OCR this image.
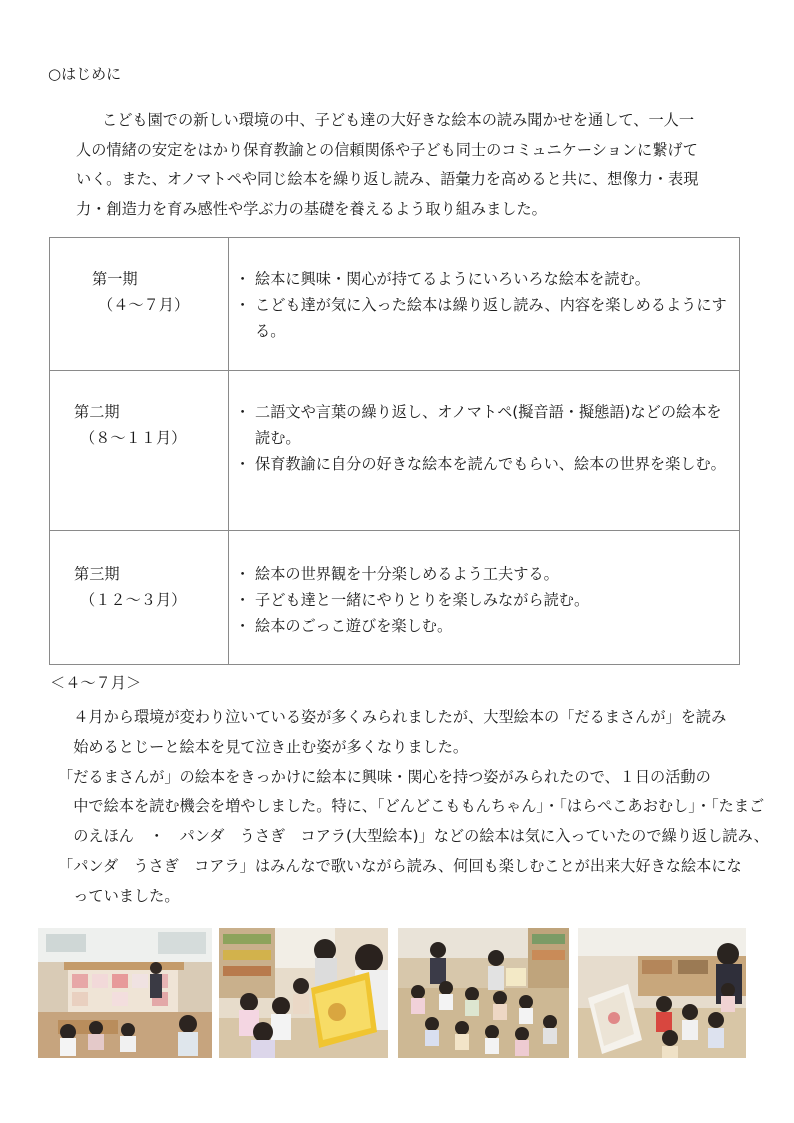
○はじめに
こども園での新しい環境の中、子ども達の大好きな絵本の読み聞かせを通して、一人一
人の情緒の安定をはかり保育教諭との信頼関係や子ども同士のコミュニケーションに繋げて
いく。また、オノマトペや同じ絵本を繰り返し読み、語彙力を高めると共に、想像力・表現
力・創造力を育み感性や学ぶ力の基礎を養えるよう取り組みました。
第一期
（４～７月）	・ 絵本に興味・関心が持てるようにいろいろな絵本を読む。
・ こども達が気に入った絵本は繰り返し読み、内容を楽しめるようにする。

第二期
（８～１１月）	・ 二語文や言葉の繰り返し、オノマトペ(擬音語・擬態語)などの絵本を読む。
・ 保育教諭に自分の好きな絵本を読んでもらい、絵本の世界を楽しむ。

第三期
（１２～３月）	・ 絵本の世界観を十分楽しめるよう工夫する。
・ 子ども達と一緒にやりとりを楽しみながら読む。
・ 絵本のごっこ遊びを楽しむ。
＜４～７月＞
　４月から環境が変わり泣いている姿が多くみられましたが、大型絵本の「だるまさんが」を読み
　始めるとじーと絵本を見て泣き止む姿が多くなりました。
「だるまさんが」の絵本をきっかけに絵本に興味・関心を持つ姿がみられたので、１日の活動の
　中で絵本を読む機会を増やしました。特に、「どんどこももんちゃん」・「はらぺこあおむし」・「たまご
　のえほん　・　パンダ　うさぎ　コアラ(大型絵本)」などの絵本は気に入っていたので繰り返し読み、
「パンダ　うさぎ　コアラ」はみんなで歌いながら読み、何回も楽しむことが出来大好きな絵本にな
　っていました。
